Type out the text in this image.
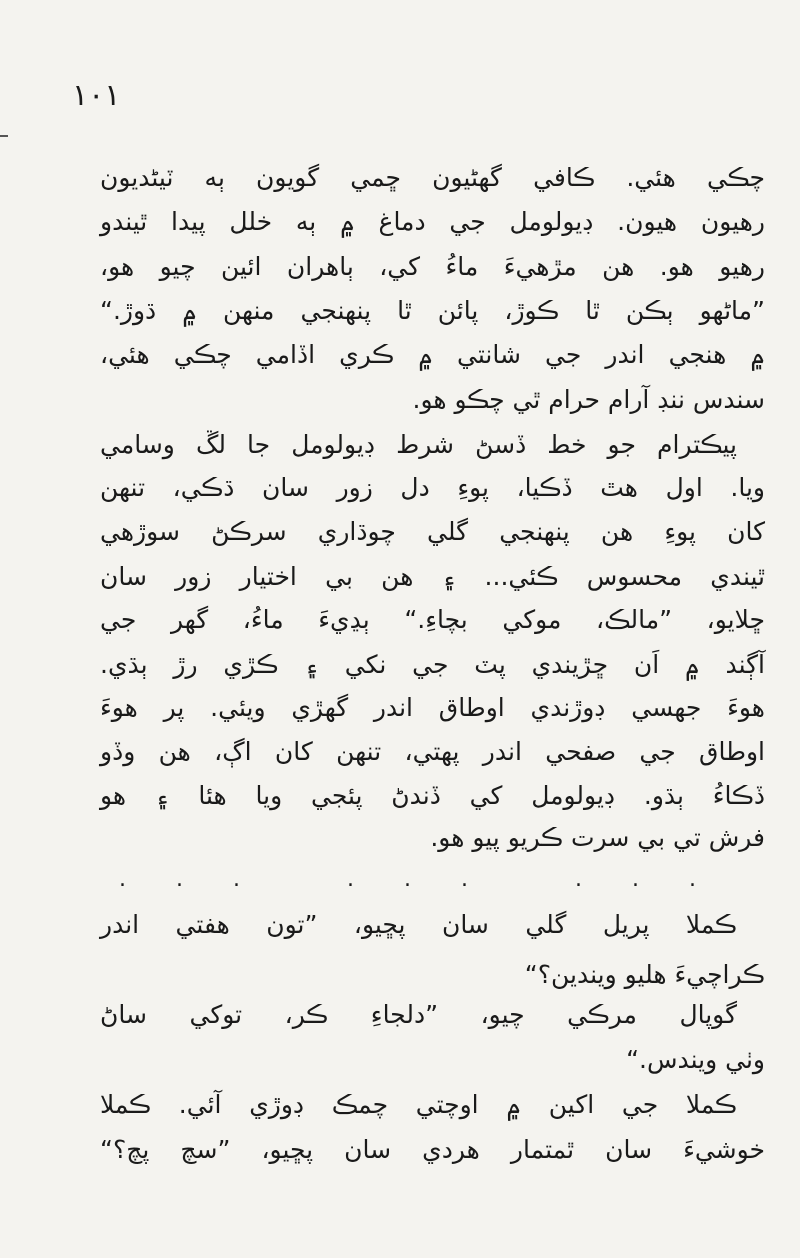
١٠١
چڪي هئي. ڪافي گهڻيون ڇمي گويون ٻه ٽيڻديون
رهيون هيون. ڊيولومل جي دماغ ۾ ٻه خلل پيدا ٿيندو
رهيو هو. هن مڙهيءَ ماءُ کي، ٻاهران ائين چيو هو،
”ماڻهو ٻڪن ٿا ڪوڙ، پائن ٿا پنهنجي منهن ۾ ڌوڙ.“
۾ هنجي اندر جي شانتي ۾ ڪري اڏامي چڪي هئي،
سندس ننڊ آرام حرام ٿي چڪو هو.
پيڪترام جو خط ڏسڻ شرط ڊيولومل جا لڱ وسامي
ويا. اول هٿ ڏڪيا، پوءِ دل زور سان ڌڪي، تنهن
کان پوءِ هن پنهنجي گلي چوڌاري سرڪڻ سوڙهي
ٿيندي محسوس ڪئي... ۽ هن بي اختيار زور سان
ڇلايو، ”مالڪ، موکي بچاءِ.“ ٻڍيءَ ماءُ، گهر جي
آڳند ۾ اَن ڇڙيندي پٽ جي نکي ۽ ڪڙي رڙ ٻڌي.
هوءَ جهسي ڊوڙندي اوطاق اندر گهڙي ويئي. پر هوءَ
اوطاق جي صفحي اندر پهتي، تنهن کان اڳ، هن وڏو
ڏڪاءُ ٻڌو. ڊيولومل کي ڏندڻ پئجي ويا هئا ۽ هو
فرش تي بي سرت ڪريو پيو هو.
... ... ...
ڪملا پريل گلي سان پڇيو، ”تون هفتي اندر
ڪراچيءَ هليو ويندين؟“
گوپال مرڪي چيو، ”دلجاءِ ڪر، توکي ساڻ
وٺي ويندس.“
ڪملا جي اکين ۾ اوچتي چمڪ ڊوڙي آئي. ڪملا
خوشيءَ سان ٿمتمار هردي سان پڇيو، ”سچ پچ؟“
